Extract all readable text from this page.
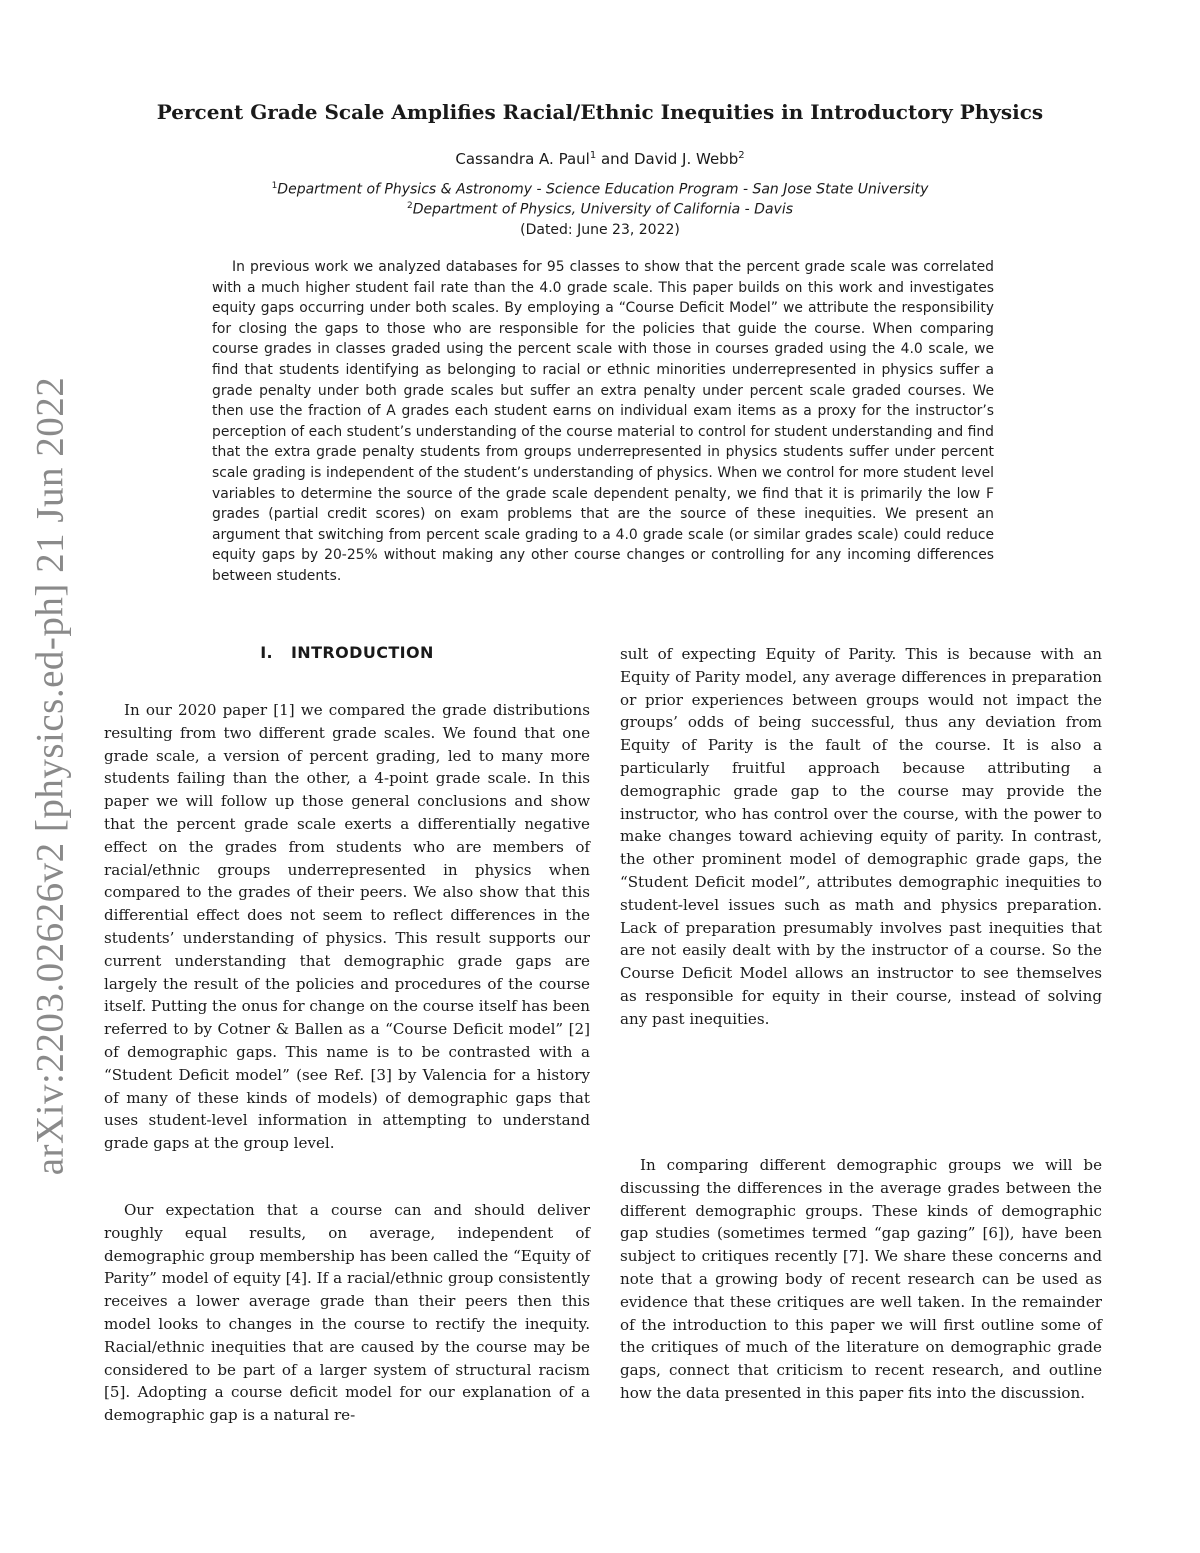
arXiv:2203.02626v2 [physics.ed-ph] 21 Jun 2022
Percent Grade Scale Amplifies Racial/Ethnic Inequities in Introductory Physics
Cassandra A. Paul$^1$ and David J. Webb$^2$
$^1$Department of Physics & Astronomy - Science Education Program - San Jose State University
$^2$Department of Physics, University of California - Davis
(Dated: June 23, 2022)

In previous work we analyzed databases for 95 classes to show that the percent grade scale was correlated with a much higher student fail rate than the 4.0 grade scale. This paper builds on this work and investigates equity gaps occurring under both scales. By employing a “Course Deficit Model” we attribute the responsibility for closing the gaps to those who are responsible for the policies that guide the course. When comparing course grades in classes graded using the percent scale with those in courses graded using the 4.0 scale, we find that students identifying as belonging to racial or ethnic minorities underrepresented in physics suffer a grade penalty under both grade scales but suffer an extra penalty under percent scale graded courses. We then use the fraction of A grades each student earns on individual exam items as a proxy for the instructor’s perception of each student’s understanding of the course material to control for student understanding and find that the extra grade penalty students from groups underrepresented in physics students suffer under percent scale grading is independent of the student’s understanding of physics. When we control for more student level variables to determine the source of the grade scale dependent penalty, we find that it is primarily the low F grades (partial credit scores) on exam problems that are the source of these inequities. We present an argument that switching from percent scale grading to a 4.0 grade scale (or similar grades scale) could reduce equity gaps by 20-25% without making any other course changes or controlling for any incoming differences between students.

I. INTRODUCTION

In our 2020 paper [1] we compared the grade distributions resulting from two different grade scales. We found that one grade scale, a version of percent grading, led to many more students failing than the other, a 4-point grade scale. In this paper we will follow up those general conclusions and show that the percent grade scale exerts a differentially negative effect on the grades from students who are members of racial/ethnic groups underrepresented in physics when compared to the grades of their peers. We also show that this differential effect does not seem to reflect differences in the students’ understanding of physics. This result supports our current understanding that demographic grade gaps are largely the result of the policies and procedures of the course itself. Putting the onus for change on the course itself has been referred to by Cotner & Ballen as a “Course Deficit model” [2] of demographic gaps. This name is to be contrasted with a “Student Deficit model” (see Ref. [3] by Valencia for a history of many of these kinds of models) of demographic gaps that uses student-level information in attempting to understand grade gaps at the group level.

Our expectation that a course can and should deliver roughly equal results, on average, independent of demographic group membership has been called the “Equity of Parity” model of equity [4]. If a racial/ethnic group consistently receives a lower average grade than their peers then this model looks to changes in the course to rectify the inequity. Racial/ethnic inequities that are caused by the course may be considered to be part of a larger system of structural racism [5]. Adopting a course deficit model for our explanation of a demographic gap is a natural re-

sult of expecting Equity of Parity. This is because with an Equity of Parity model, any average differences in preparation or prior experiences between groups would not impact the groups’ odds of being successful, thus any deviation from Equity of Parity is the fault of the course. It is also a particularly fruitful approach because attributing a demographic grade gap to the course may provide the instructor, who has control over the course, with the power to make changes toward achieving equity of parity. In contrast, the other prominent model of demographic grade gaps, the “Student Deficit model”, attributes demographic inequities to student-level issues such as math and physics preparation. Lack of preparation presumably involves past inequities that are not easily dealt with by the instructor of a course. So the Course Deficit Model allows an instructor to see themselves as responsible for equity in their course, instead of solving any past inequities.

In comparing different demographic groups we will be discussing the differences in the average grades between the different demographic groups. These kinds of demographic gap studies (sometimes termed “gap gazing” [6]), have been subject to critiques recently [7]. We share these concerns and note that a growing body of recent research can be used as evidence that these critiques are well taken. In the remainder of the introduction to this paper we will first outline some of the critiques of much of the literature on demographic grade gaps, connect that criticism to recent research, and outline how the data presented in this paper fits into the discussion.
